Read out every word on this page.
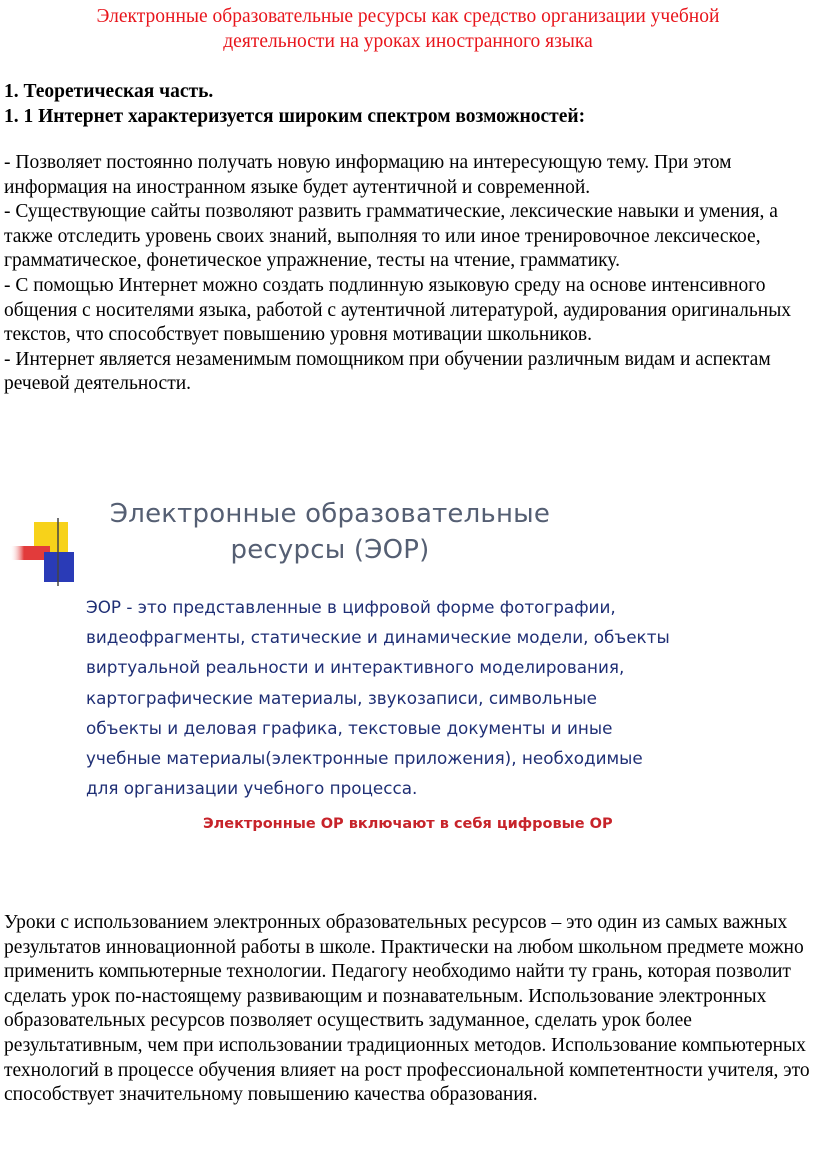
Электронные образовательные ресурсы как средство организации учебной
деятельности на уроках иностранного языка
1. Теоретическая часть.
1. 1 Интернет характеризуется широким спектром возможностей:

- Позволяет постоянно получать новую информацию на интересующую тему. При этом информация на иностранном языке будет аутентичной и современной.

- Существующие сайты позволяют развить грамматические, лексические навыки и умения, а также отследить уровень своих знаний, выполняя то или иное тренировочное лексическое, грамматическое, фонетическое упражнение, тесты на чтение, грамматику.

- С помощью Интернет можно создать подлинную языковую среду на основе интенсивного общения с носителями языка, работой с аутентичной литературой, аудирования оригинальных текстов, что способствует повышению уровня мотивации школьников.

- Интернет является незаменимым помощником при обучении различным видам и аспектам речевой деятельности.

Электронные образовательные
ресурсы (ЭОР)
ЭОР - это представленные в цифровой форме фотографии,
видеофрагменты, статические и динамические модели, объекты
виртуальной реальности и интерактивного моделирования,
картографические материалы, звукозаписи, символьные
объекты и деловая графика, текстовые документы и иные
учебные материалы(электронные приложения), необходимые
для организации учебного процесса.
Электронные ОР включают в себя цифровые ОР

Уроки с использованием электронных образовательных ресурсов – это один из самых важных результатов инновационной работы в школе. Практически на любом школьном предмете можно применить компьютерные технологии. Педагогу необходимо найти ту грань, которая позволит сделать урок по-настоящему развивающим и познавательным. Использование электронных образовательных ресурсов позволяет осуществить задуманное, сделать урок более результативным, чем при использовании традиционных методов. Использование компьютерных технологий в процессе обучения влияет на рост профессиональной компетентности учителя, это способствует значительному повышению качества образования.
